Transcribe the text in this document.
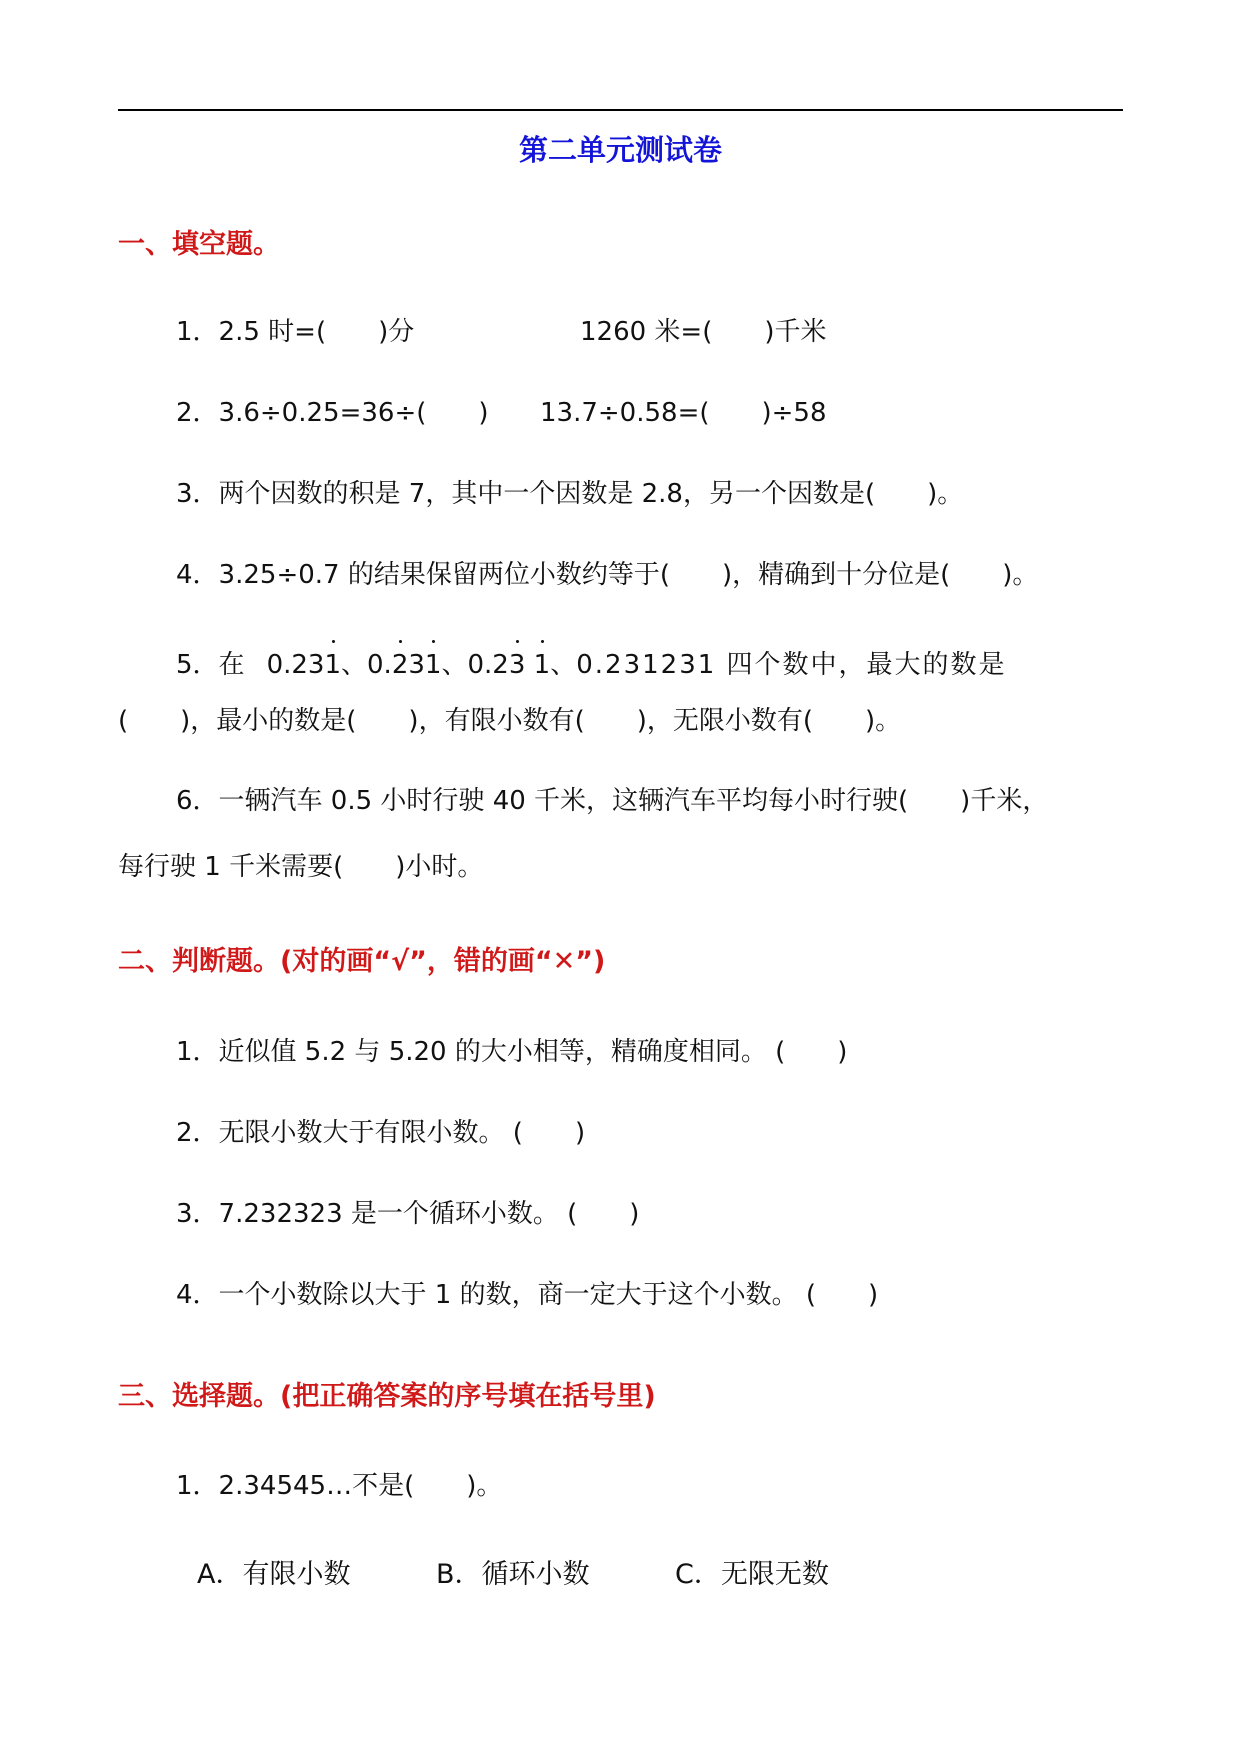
第二单元测试卷
一、填空题。
1．2.5 时=(　　)分	1260 米=(　　)千米
2．3.6÷0.25=36÷(　　) 13.7÷0.58=(　　)÷58
3．两个因数的积是 7，其中一个因数是 2.8，另一个因数是(　　)。
4．3.25÷0.7 的结果保留两位小数约等于(　　)，精确到十分位是(　　)。
5．在 0.231、0.231、0.23 1、0.231231 四个数中，最大的数是
(　　)，最小的数是(　　)，有限小数有(　　)，无限小数有(　　)。
6．一辆汽车 0.5 小时行驶 40 千米，这辆汽车平均每小时行驶(　　)千米，
每行驶 1 千米需要(　　)小时。
二、判断题。(对的画“√”，错的画“✕”)
1．近似值 5.2 与 5.20 的大小相等，精确度相同。 (　　)
2．无限小数大于有限小数。 (　　)
3．7.232323 是一个循环小数。 (　　)
4．一个小数除以大于 1 的数，商一定大于这个小数。 (　　)
三、选择题。(把正确答案的序号填在括号里)
1．2.34545…不是(　　)。
A．有限小数	B．循环小数	C．无限无数
